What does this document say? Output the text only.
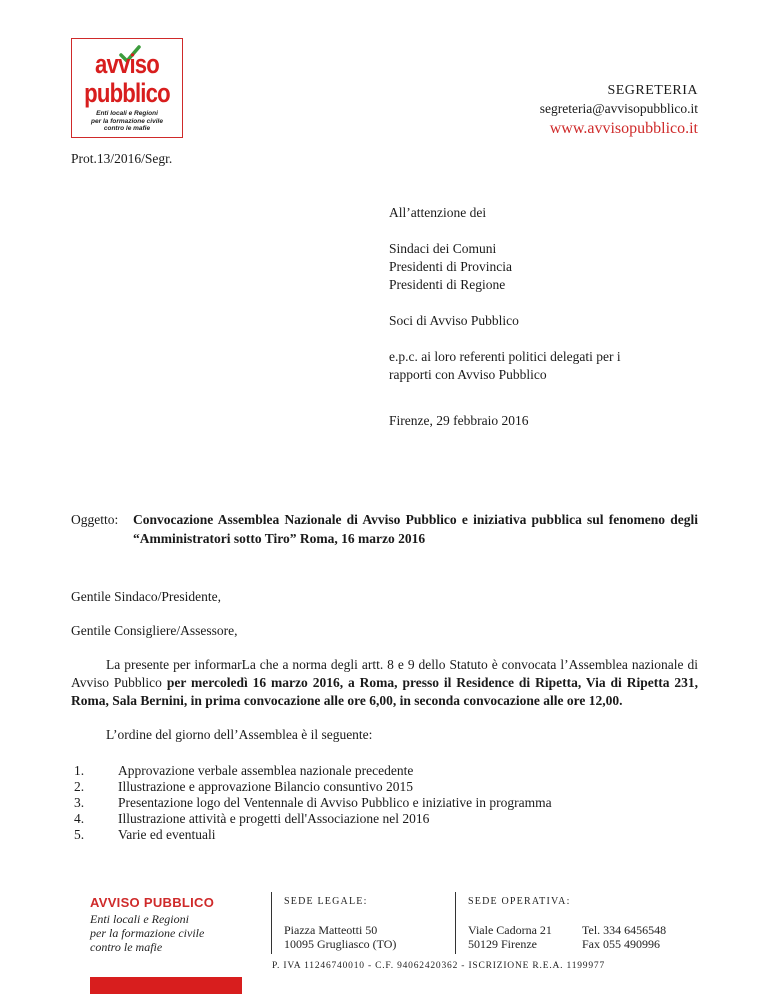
avviso
pubblico
Enti locali e Regioni
per la formazione civile
contro le mafie
SEGRETERIA
segreteria@avvisopubblico.it
www.avvisopubblico.it
Prot.13/2016/Segr.

All’attenzione dei

Sindaci dei Comuni

Presidenti di Provincia

Presidenti di Regione

Soci di Avviso Pubblico

e.p.c. ai loro referenti politici delegati per i

rapporti con Avviso Pubblico

Firenze, 29 febbraio 2016

Oggetto: Convocazione Assemblea Nazionale di Avviso Pubblico e iniziativa pubblica sul fenomeno degli “Amministratori sotto Tiro” Roma, 16 marzo 2016

Gentile Sindaco/Presidente,

Gentile Consigliere/Assessore,

La presente per informarLa che a norma degli artt. 8 e 9 dello Statuto è convocata l’Assemblea nazionale di Avviso Pubblico per mercoledì 16 marzo 2016, a Roma, presso il Residence di Ripetta, Via di Ripetta 231, Roma, Sala Bernini, in prima convocazione alle ore 6,00, in seconda convocazione alle ore 12,00.

L’ordine del giorno dell’Assemblea è il seguente:

1.	Approvazione verbale assemblea nazionale precedente
2.	Illustrazione e approvazione Bilancio consuntivo 2015
3.	Presentazione logo del Ventennale di Avviso Pubblico e iniziative in programma
4.	Illustrazione attività e progetti dell'Associazione nel 2016
5.	Varie ed eventuali
AVVISO PUBBLICO
Enti locali e Regioni
per la formazione civile
contro le mafie
SEDE LEGALE:
Piazza Matteotti 50
10095 Grugliasco (TO)
SEDE OPERATIVA:
Viale Cadorna 21
50129 Firenze

Tel. 334 6456548
Fax 055 490996
P. IVA 11246740010 - C.F. 94062420362 - ISCRIZIONE R.E.A. 1199977
